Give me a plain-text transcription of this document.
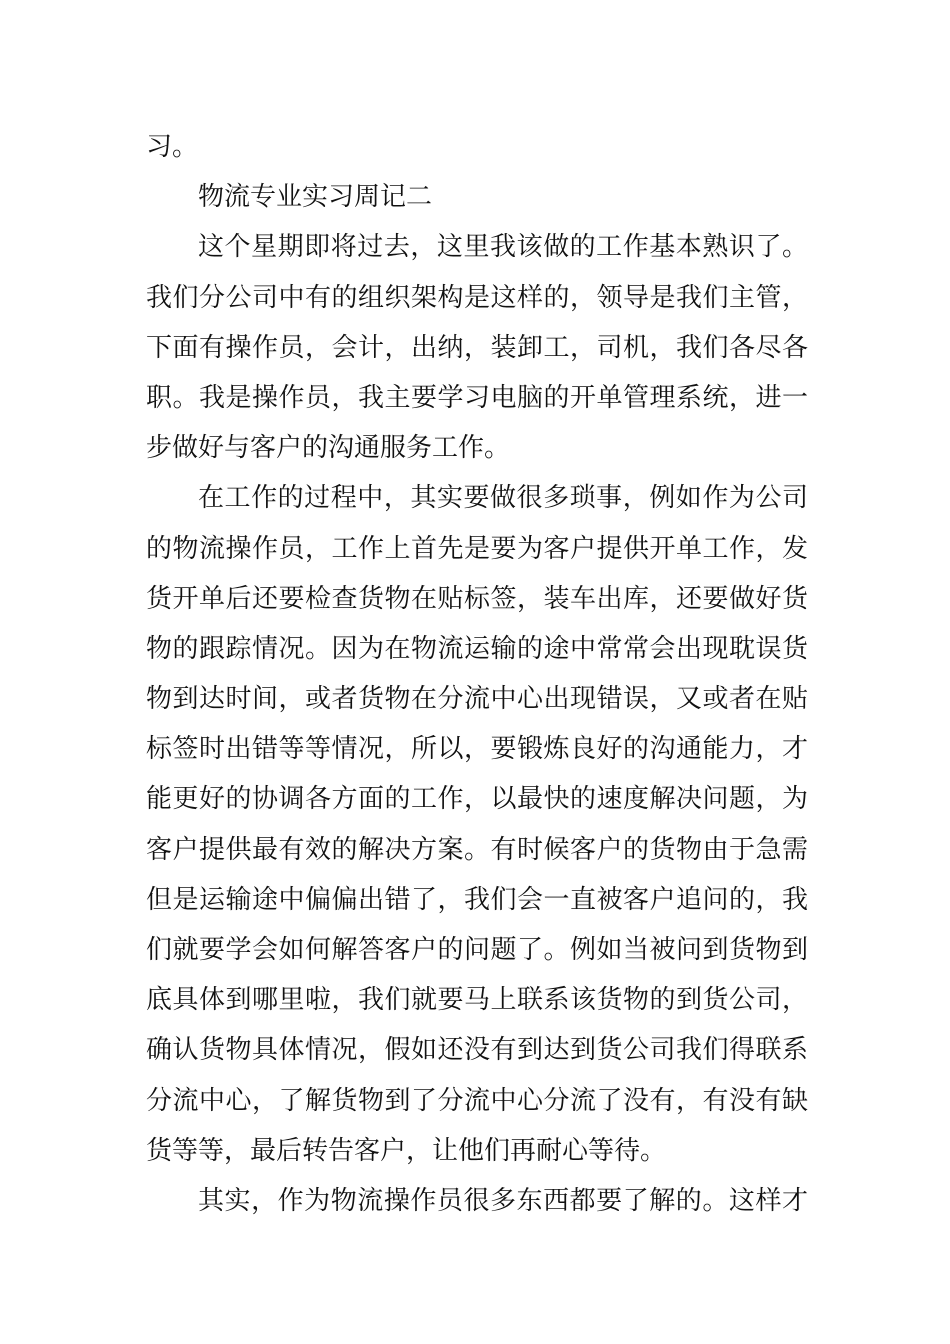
习。
物流专业实习周记二
这个星期即将过去，这里我该做的工作基本熟识了。
我们分公司中有的组织架构是这样的，领导是我们主管，
下面有操作员，会计，出纳，装卸工，司机，我们各尽各
职。我是操作员，我主要学习电脑的开单管理系统，进一
步做好与客户的沟通服务工作。
在工作的过程中，其实要做很多琐事，例如作为公司
的物流操作员，工作上首先是要为客户提供开单工作，发
货开单后还要检查货物在贴标签，装车出库，还要做好货
物的跟踪情况。因为在物流运输的途中常常会出现耽误货
物到达时间，或者货物在分流中心出现错误，又或者在贴
标签时出错等等情况，所以，要锻炼良好的沟通能力，才
能更好的协调各方面的工作，以最快的速度解决问题，为
客户提供最有效的解决方案。有时候客户的货物由于急需
但是运输途中偏偏出错了，我们会一直被客户追问的，我
们就要学会如何解答客户的问题了。例如当被问到货物到
底具体到哪里啦，我们就要马上联系该货物的到货公司，
确认货物具体情况，假如还没有到达到货公司我们得联系
分流中心，了解货物到了分流中心分流了没有，有没有缺
货等等，最后转告客户，让他们再耐心等待。
其实，作为物流操作员很多东西都要了解的。这样才
